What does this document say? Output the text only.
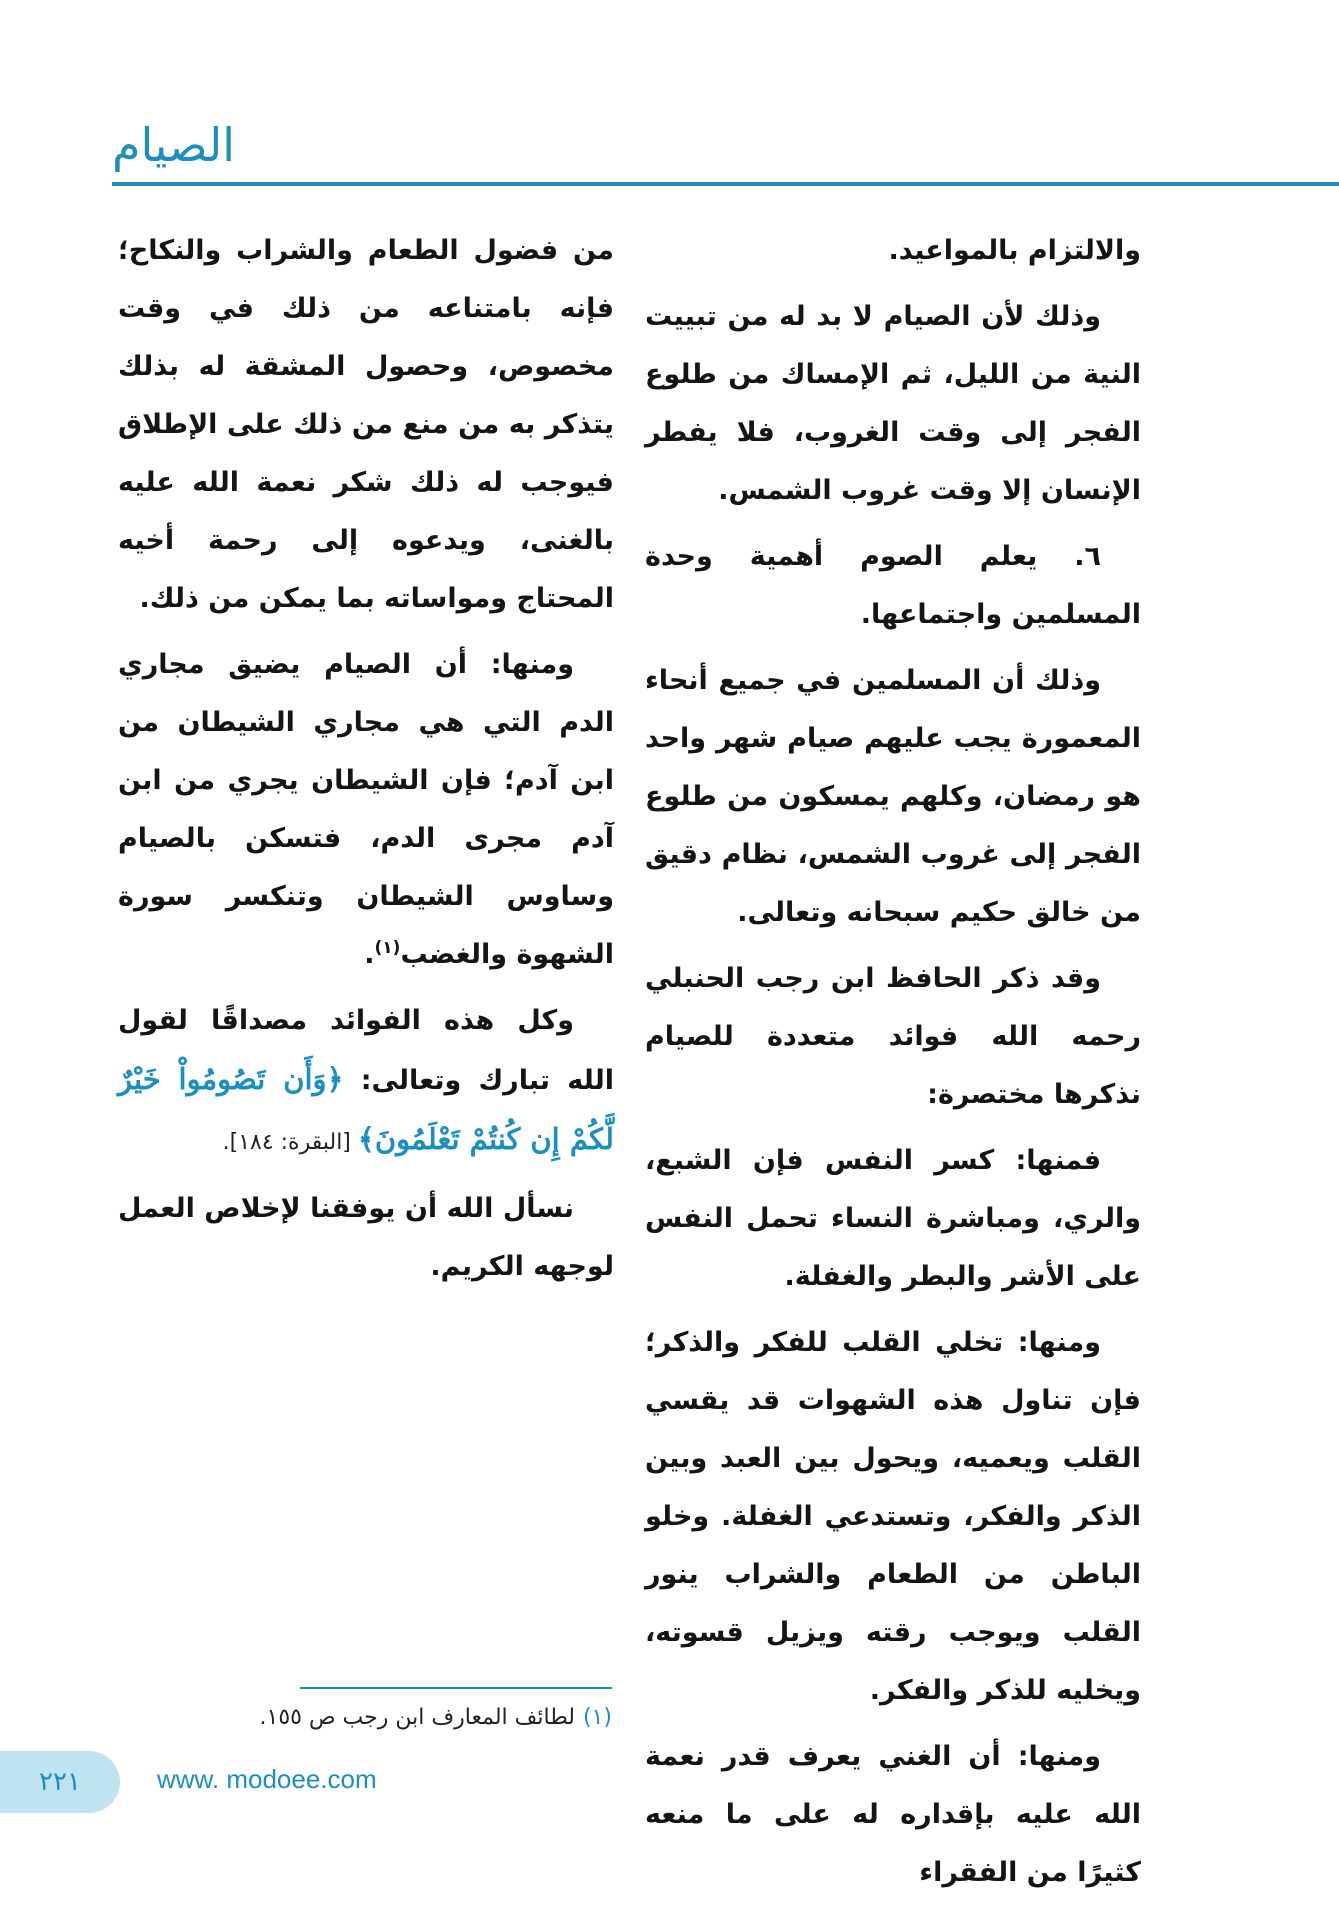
الصيام

والالتزام بالمواعيد.

وذلك لأن الصيام لا بد له من تبييت النية من الليل، ثم الإمساك من طلوع الفجر إلى وقت الغروب، فلا يفطر الإنسان إلا وقت غروب الشمس.

٦. يعلم الصوم أهمية وحدة المسلمين واجتماعها.

وذلك أن المسلمين في جميع أنحاء المعمورة يجب عليهم صيام شهر واحد هو رمضان، وكلهم يمسكون من طلوع الفجر إلى غروب الشمس، نظام دقيق من خالق حكيم سبحانه وتعالى.

وقد ذكر الحافظ ابن رجب الحنبلي رحمه الله فوائد متعددة للصيام نذكرها مختصرة:

فمنها: كسر النفس فإن الشبع، والري، ومباشرة النساء تحمل النفس على الأشر والبطر والغفلة.

ومنها: تخلي القلب للفكر والذكر؛ فإن تناول هذه الشهوات قد يقسي القلب ويعميه، ويحول بين العبد وبين الذكر والفكر، وتستدعي الغفلة. وخلو الباطن من الطعام والشراب ينور القلب ويوجب رقته ويزيل قسوته، ويخليه للذكر والفكر.

ومنها: أن الغني يعرف قدر نعمة الله عليه بإقداره له على ما منعه كثيرًا من الفقراء

من فضول الطعام والشراب والنكاح؛ فإنه بامتناعه من ذلك في وقت مخصوص، وحصول المشقة له بذلك يتذكر به من منع من ذلك على الإطلاق فيوجب له ذلك شكر نعمة الله عليه بالغنى، ويدعوه إلى رحمة أخيه المحتاج ومواساته بما يمكن من ذلك.

ومنها: أن الصيام يضيق مجاري الدم التي هي مجاري الشيطان من ابن آدم؛ فإن الشيطان يجري من ابن آدم مجرى الدم، فتسكن بالصيام وساوس الشيطان وتنكسر سورة الشهوة والغضب$^{(١)}$.

وكل هذه الفوائد مصداقًا لقول الله تبارك وتعالى: ﴿وَأَن تَصُومُواْ خَيْرٌ لَّكُمْ إِن كُنتُمْ تَعْلَمُونَ﴾ [البقرة: ١٨٤].

نسأل الله أن يوفقنا لإخلاص العمل لوجهه الكريم.

(١)لطائف المعارف ابن رجب ص ١٥٥.
٢٢١	www. modoee.com
